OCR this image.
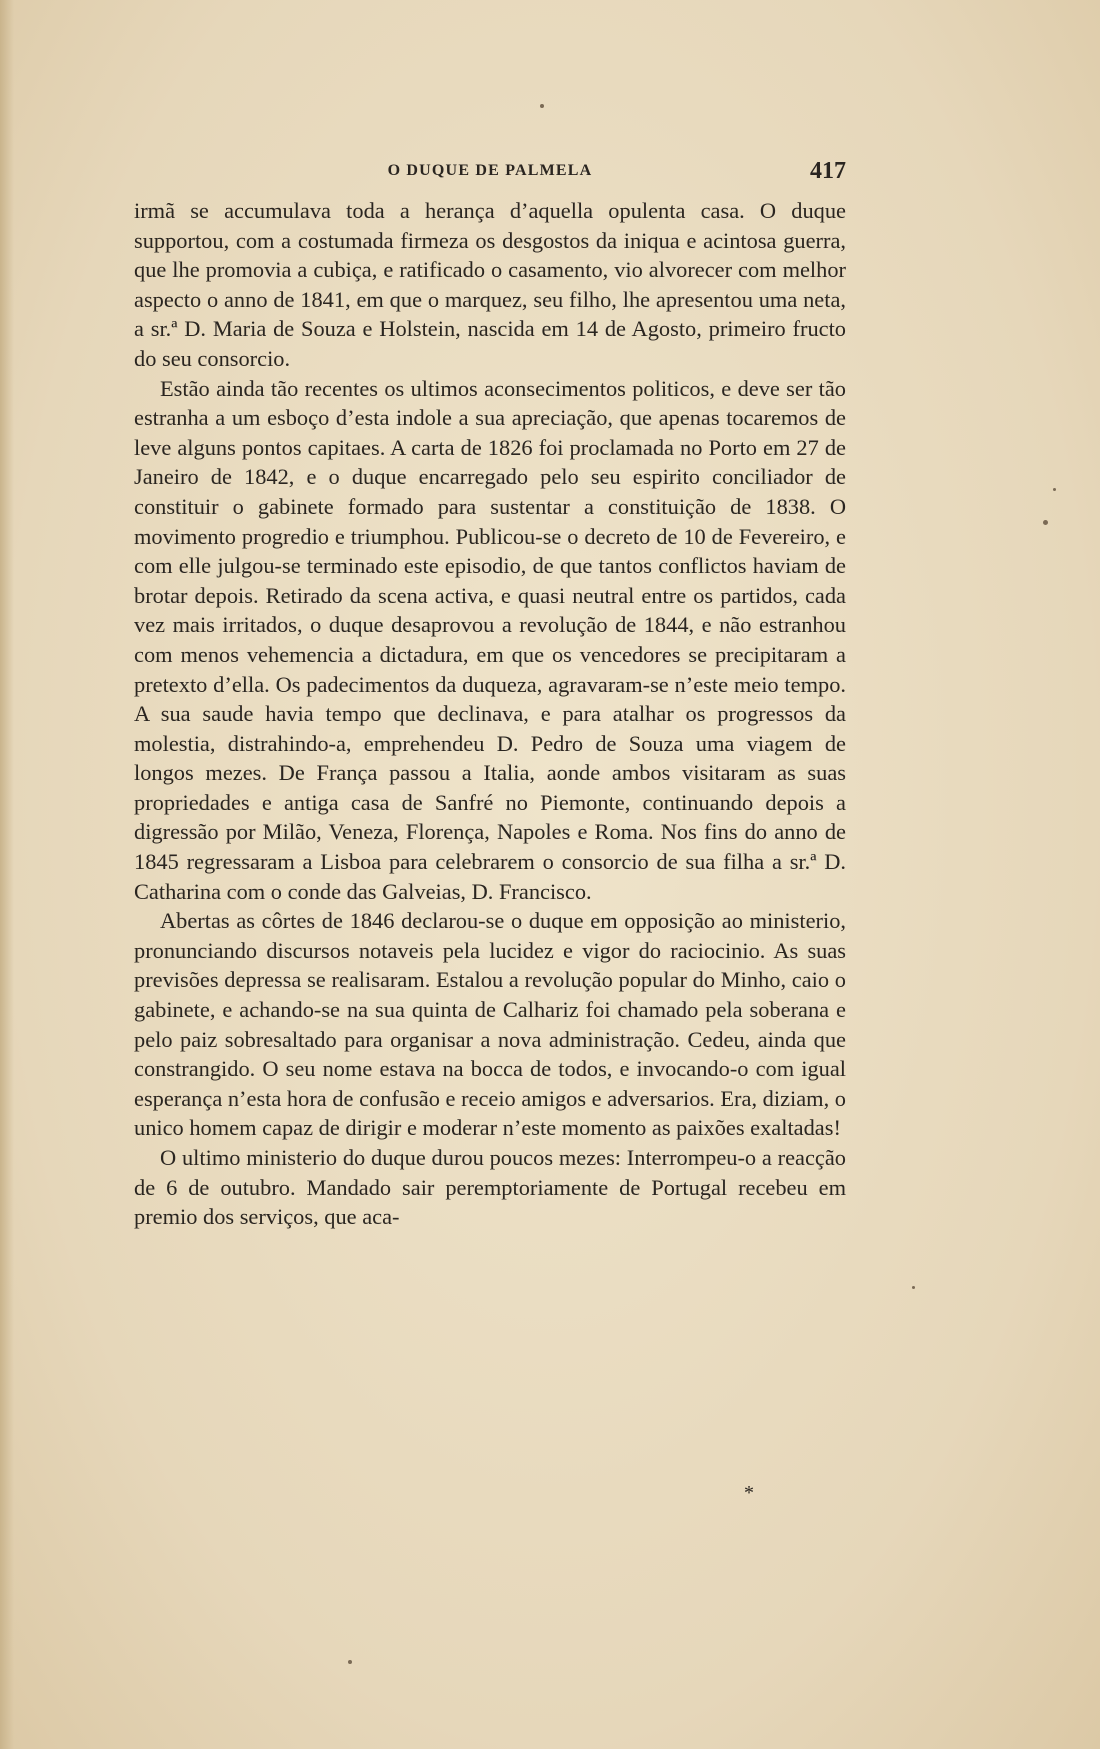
O DUQUE DE PALMELA	417

irmã se accumulava toda a herança d’aquella opulenta casa. O duque supportou, com a costumada firmeza os desgostos da iniqua e acintosa guerra, que lhe promovia a cubiça, e ratificado o casamento, vio alvorecer com melhor aspecto o anno de 1841, em que o marquez, seu filho, lhe apresentou uma neta, a sr.ª D. Maria de Souza e Holstein, nascida em 14 de Agosto, primeiro fructo do seu consorcio.

Estão ainda tão recentes os ultimos aconsecimentos politicos, e deve ser tão estranha a um esboço d’esta indole a sua apreciação, que apenas tocaremos de leve alguns pontos capitaes. A carta de 1826 foi proclamada no Porto em 27 de Janeiro de 1842, e o duque encarregado pelo seu espirito conciliador de constituir o gabinete formado para sustentar a constituição de 1838. O movimento progredio e triumphou. Publicou-se o decreto de 10 de Fevereiro, e com elle julgou-se terminado este episodio, de que tantos conflictos haviam de brotar depois. Retirado da scena activa, e quasi neutral entre os partidos, cada vez mais irritados, o duque desaprovou a revolução de 1844, e não estranhou com menos vehemencia a dictadura, em que os vencedores se precipitaram a pretexto d’ella. Os padecimentos da duqueza, agravaram-se n’este meio tempo. A sua saude havia tempo que declinava, e para atalhar os progressos da molestia, distrahindo-a, emprehendeu D. Pedro de Souza uma viagem de longos mezes. De França passou a Italia, aonde ambos visitaram as suas propriedades e antiga casa de Sanfré no Piemonte, continuando depois a digressão por Milão, Veneza, Florença, Napoles e Roma. Nos fins do anno de 1845 regressaram a Lisboa para celebrarem o consorcio de sua filha a sr.ª D. Catharina com o conde das Galveias, D. Francisco.

Abertas as côrtes de 1846 declarou-se o duque em opposição ao ministerio, pronunciando discursos notaveis pela lucidez e vigor do raciocinio. As suas previsões depressa se realisaram. Estalou a revolução popular do Minho, caio o gabinete, e achando-se na sua quinta de Calhariz foi chamado pela soberana e pelo paiz sobresaltado para organisar a nova administração. Cedeu, ainda que constrangido. O seu nome estava na bocca de todos, e invocando-o com igual esperança n’esta hora de confusão e receio amigos e adversarios. Era, diziam, o unico homem capaz de dirigir e moderar n’este momento as paixões exaltadas!

O ultimo ministerio do duque durou poucos mezes: Interrompeu-o a reacção de 6 de outubro. Mandado sair peremptoriamente de Portugal recebeu em premio dos serviços, que aca-

*
